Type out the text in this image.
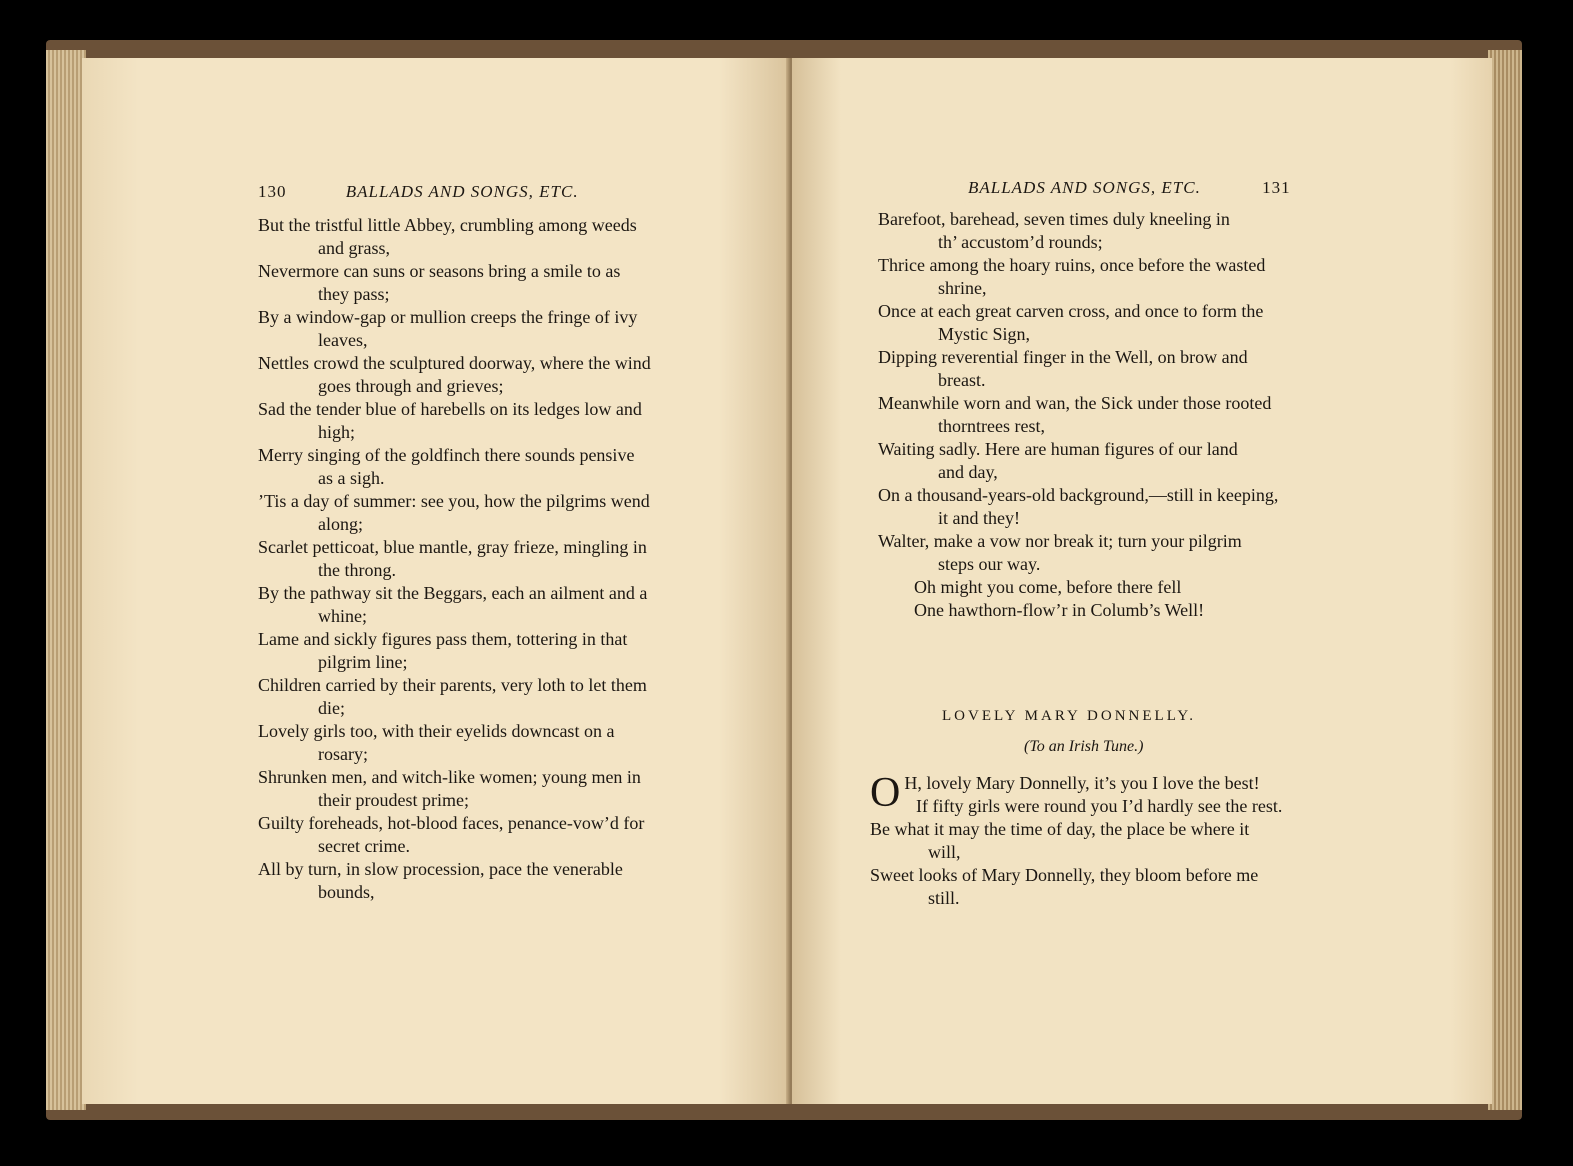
130	BALLADS AND SONGS, ETC.
But the tristful little Abbey, crumbling among weeds
and grass,
Nevermore can suns or seasons bring a smile to as
they pass;
By a window-gap or mullion creeps the fringe of ivy
leaves,
Nettles crowd the sculptured doorway, where the wind
goes through and grieves;
Sad the tender blue of harebells on its ledges low and
high;
Merry singing of the goldfinch there sounds pensive
as a sigh.
’Tis a day of summer: see you, how the pilgrims wend
along;
Scarlet petticoat, blue mantle, gray frieze, mingling in
the throng.
By the pathway sit the Beggars, each an ailment and a
whine;
Lame and sickly figures pass them, tottering in that
pilgrim line;
Children carried by their parents, very loth to let them
die;
Lovely girls too, with their eyelids downcast on a
rosary;
Shrunken men, and witch-like women; young men in
their proudest prime;
Guilty foreheads, hot-blood faces, penance-vow’d for
secret crime.
All by turn, in slow procession, pace the venerable
bounds,
BALLADS AND SONGS, ETC.	131
Barefoot, barehead, seven times duly kneeling in
th’ accustom’d rounds;
Thrice among the hoary ruins, once before the wasted
shrine,
Once at each great carven cross, and once to form the
Mystic Sign,
Dipping reverential finger in the Well, on brow and
breast.
Meanwhile worn and wan, the Sick under those rooted
thorntrees rest,
Waiting sadly. Here are human figures of our land
and day,
On a thousand-years-old background,—still in keeping,
it and they!
Walter, make a vow nor break it; turn your pilgrim
steps our way.
Oh might you come, before there fell
One hawthorn-flow’r in Columb’s Well!
LOVELY MARY DONNELLY.
(To an Irish Tune.)
O H, lovely Mary Donnelly, it’s you I love the best!
If fifty girls were round you I’d hardly see the rest.
Be what it may the time of day, the place be where it
will,
Sweet looks of Mary Donnelly, they bloom before me
still.
